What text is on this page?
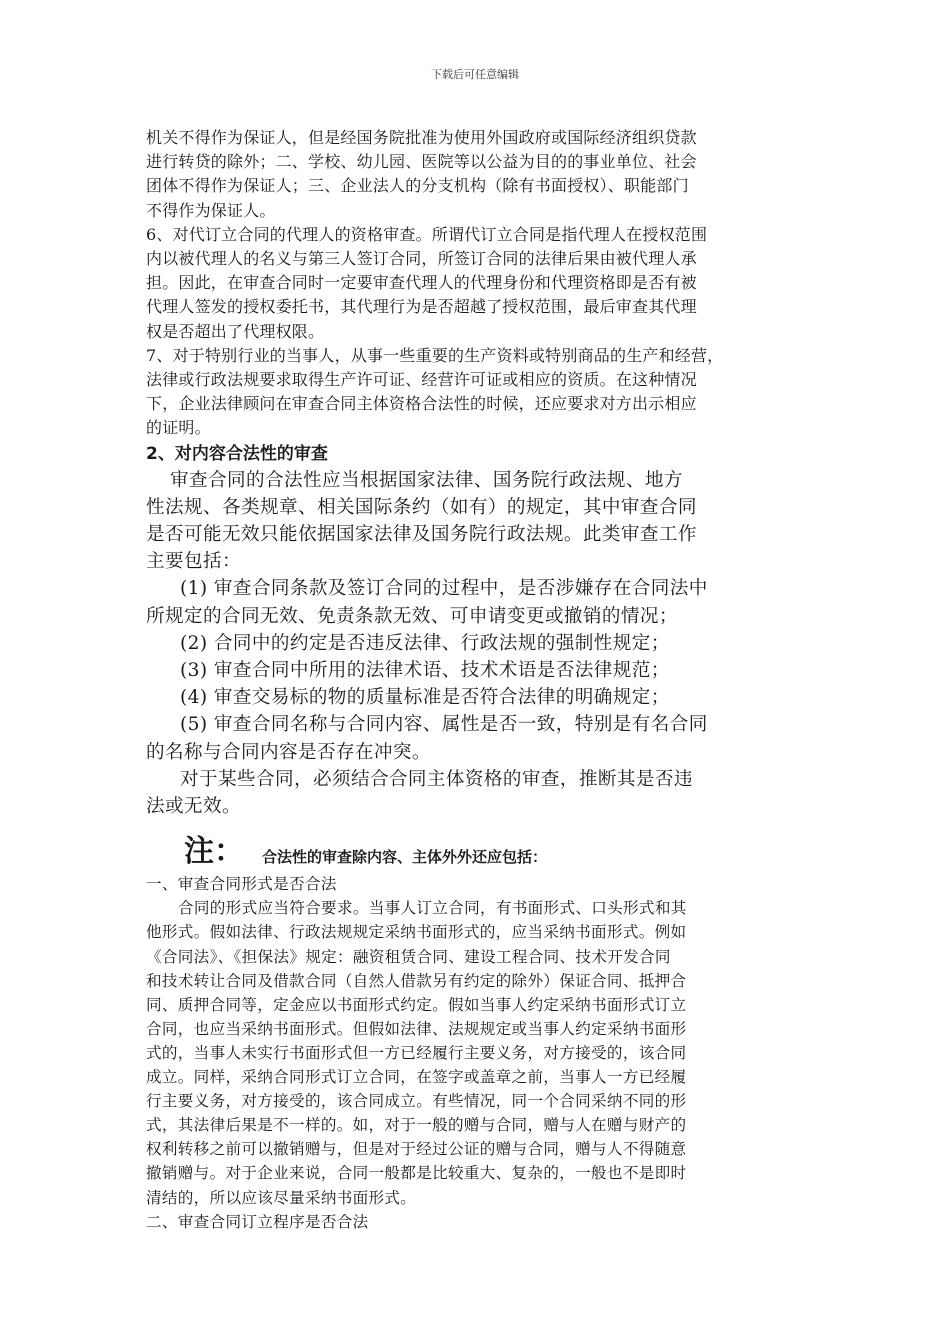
下载后可任意编辑
机关不得作为保证人，但是经国务院批准为使用外国政府或国际经济组织贷款
进行转贷的除外；二、学校、幼儿园、医院等以公益为目的的事业单位、社会
团体不得作为保证人；三、企业法人的分支机构（除有书面授权）、职能部门
不得作为保证人。
6、对代订立合同的代理人的资格审查。所谓代订立合同是指代理人在授权范围
内以被代理人的名义与第三人签订合同，所签订合同的法律后果由被代理人承
担。因此，在审查合同时一定要审查代理人的代理身份和代理资格即是否有被
代理人签发的授权委托书，其代理行为是否超越了授权范围，最后审查其代理
权是否超出了代理权限。
7、对于特别行业的当事人，从事一些重要的生产资料或特别商品的生产和经营，
法律或行政法规要求取得生产许可证、经营许可证或相应的资质。在这种情况
下，企业法律顾问在审查合同主体资格合法性的时候，还应要求对方出示相应
的证明。
2、对内容合法性的审查
审查合同的合法性应当根据国家法律、国务院行政法规、地方
性法规、各类规章、相关国际条约（如有）的规定，其中审查合同
是否可能无效只能依据国家法律及国务院行政法规。此类审查工作
主要包括：
(1) 审查合同条款及签订合同的过程中，是否涉嫌存在合同法中
所规定的合同无效、免责条款无效、可申请变更或撤销的情况；
(2) 合同中的约定是否违反法律、行政法规的强制性规定；
(3) 审查合同中所用的法律术语、技术术语是否法律规范；
(4) 审查交易标的物的质量标准是否符合法律的明确规定；
(5) 审查合同名称与合同内容、属性是否一致，特别是有名合同
的名称与合同内容是否存在冲突。
对于某些合同，必须结合合同主体资格的审查，推断其是否违
法或无效。
注： 合法性的审查除内容、主体外外还应包括：
一、审查合同形式是否合法
合同的形式应当符合要求。当事人订立合同，有书面形式、口头形式和其
他形式。假如法律、行政法规规定采纳书面形式的，应当采纳书面形式。例如
《合同法》、《担保法》规定：融资租赁合同、建设工程合同、技术开发合同
和技术转让合同及借款合同（自然人借款另有约定的除外）保证合同、抵押合
同、质押合同等，定金应以书面形式约定。假如当事人约定采纳书面形式订立
合同，也应当采纳书面形式。但假如法律、法规规定或当事人约定采纳书面形
式的，当事人未实行书面形式但一方已经履行主要义务，对方接受的，该合同
成立。同样，采纳合同形式订立合同，在签字或盖章之前，当事人一方已经履
行主要义务，对方接受的，该合同成立。有些情况，同一个合同采纳不同的形
式，其法律后果是不一样的。如，对于一般的赠与合同，赠与人在赠与财产的
权利转移之前可以撤销赠与，但是对于经过公证的赠与合同，赠与人不得随意
撤销赠与。对于企业来说，合同一般都是比较重大、复杂的，一般也不是即时
清结的，所以应该尽量采纳书面形式。
二、审查合同订立程序是否合法
